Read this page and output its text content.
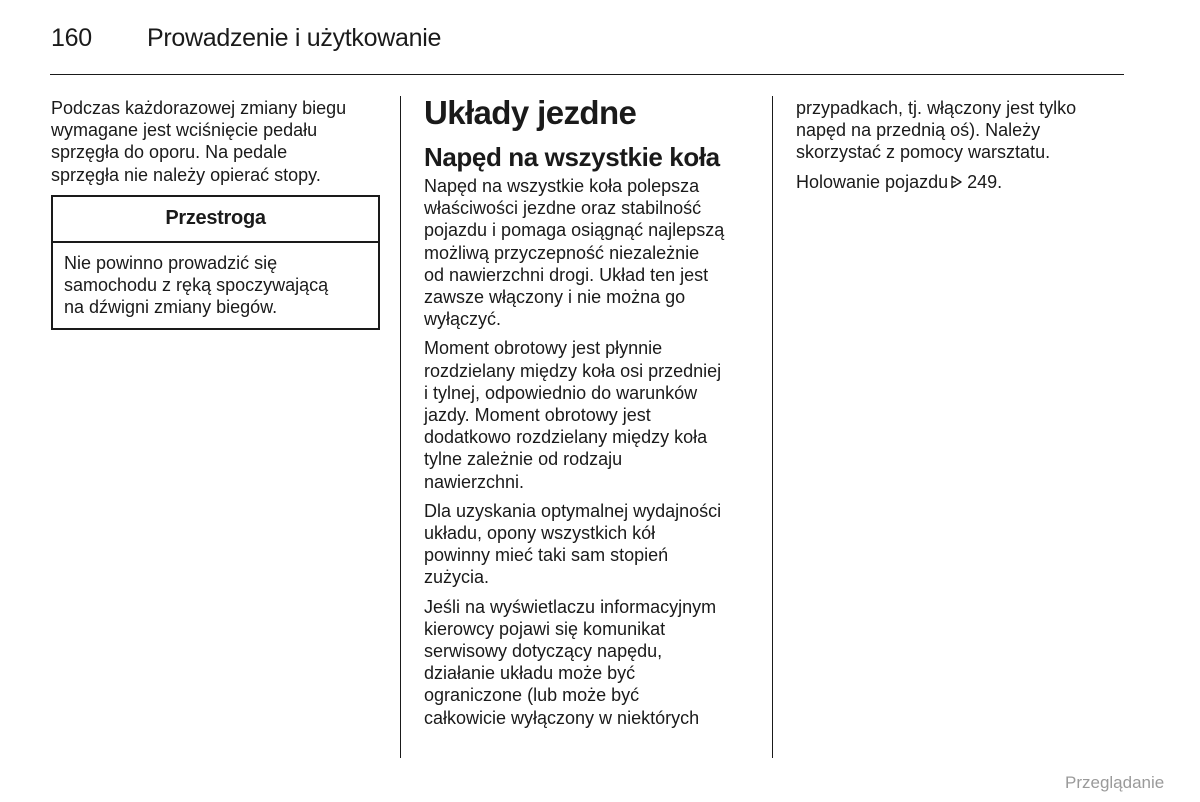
160 Prowadzenie i użytkowanie

Podczas każdorazowej zmiany biegu
wymagane jest wciśnięcie pedału
sprzęgła do oporu. Na pedale
sprzęgła nie należy opierać stopy.

Przestroga
Nie powinno prowadzić się
samochodu z ręką spoczywającą
na dźwigni zmiany biegów.
Układy jezdne
Napęd na wszystkie koła

Napęd na wszystkie koła polepsza
właściwości jezdne oraz stabilność
pojazdu i pomaga osiągnąć najlepszą
możliwą przyczepność niezależnie
od nawierzchni drogi. Układ ten jest
zawsze włączony i nie można go
wyłączyć.

Moment obrotowy jest płynnie
rozdzielany między koła osi przedniej
i tylnej, odpowiednio do warunków
jazdy. Moment obrotowy jest
dodatkowo rozdzielany między koła
tylne zależnie od rodzaju
nawierzchni.

Dla uzyskania optymalnej wydajności
układu, opony wszystkich kół
powinny mieć taki sam stopień
zużycia.

Jeśli na wyświetlaczu informacyjnym
kierowcy pojawi się komunikat
serwisowy dotyczący napędu,
działanie układu może być
ograniczone (lub może być
całkowicie wyłączony w niektórych

przypadkach, tj. włączony jest tylko
napęd na przednią oś). Należy
skorzystać z pomocy warsztatu.

Holowanie pojazdu 249.

Przeglądanie
